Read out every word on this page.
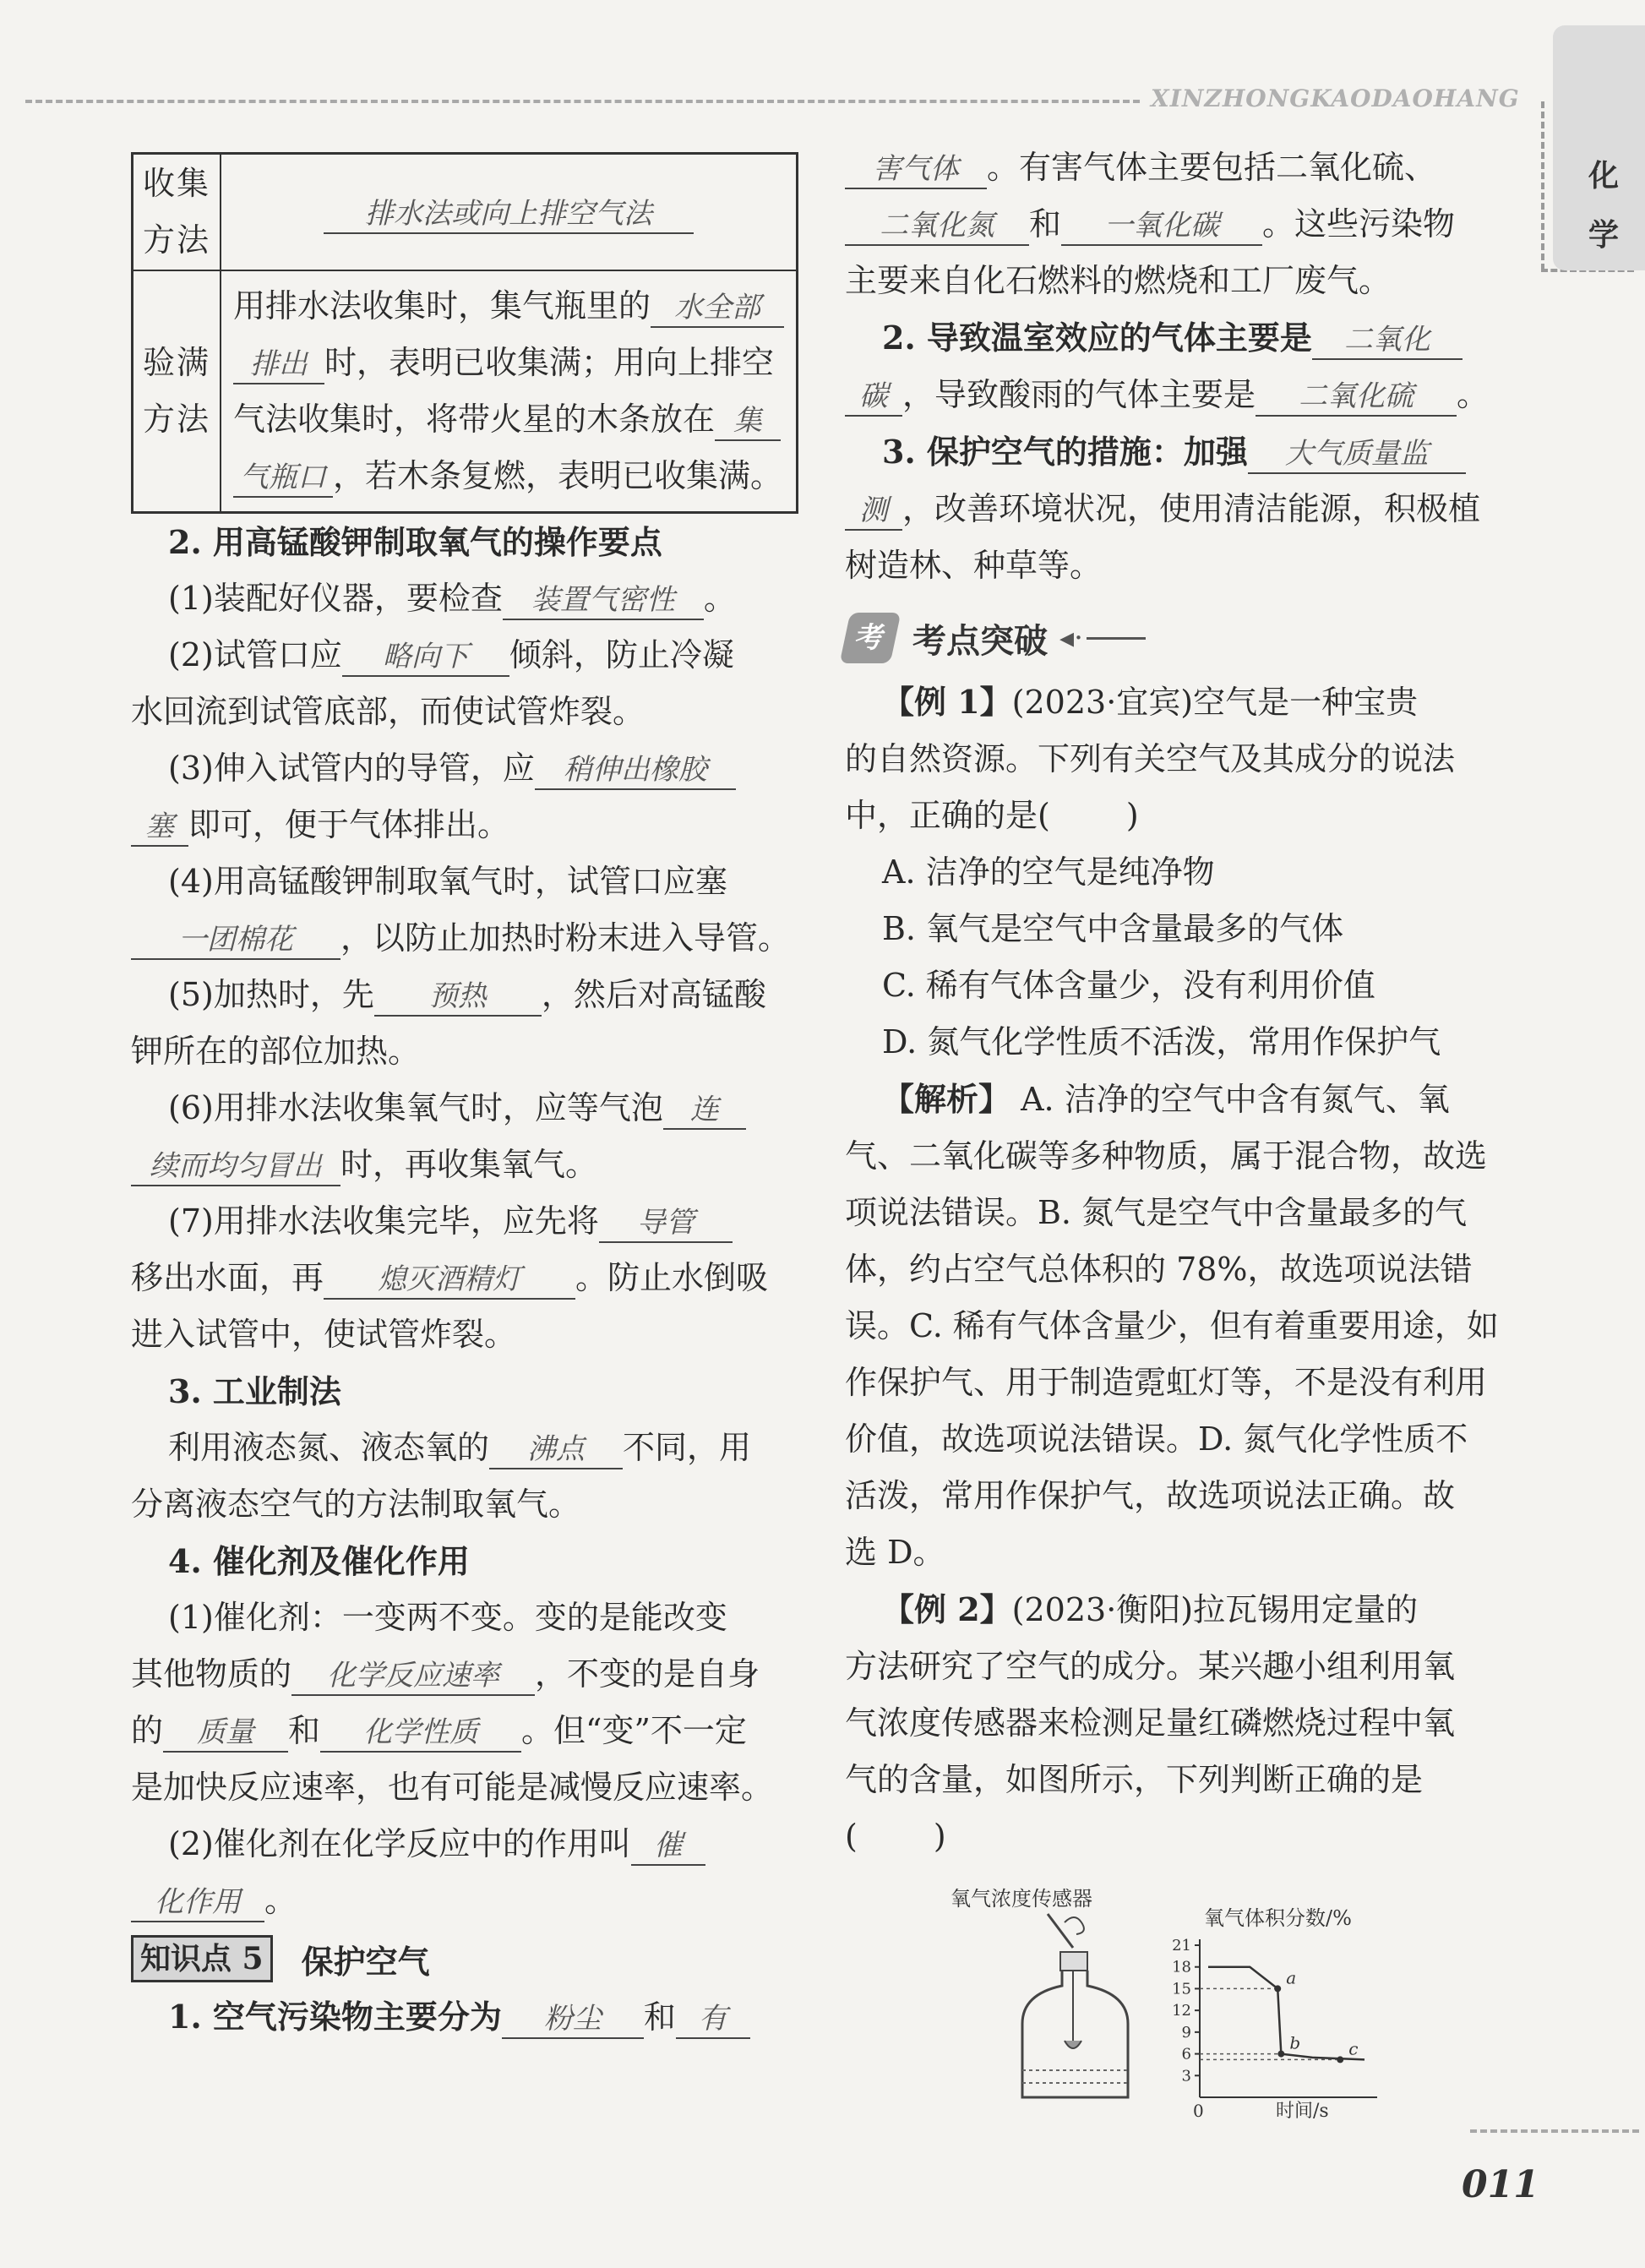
XINZHONGKAODAOHANG
化
学
收集方法	排水法或向上排空气法
验满方法	用排水法收集时，集气瓶里的 水全部
排出 时，表明已收集满；用向上排空
气法收集时，将带火星的木条放在 集
气瓶口 ，若木条复燃，表明已收集满。
2. 用高锰酸钾制取氧气的操作要点
(1)装配好仪器，要检查 装置气密性 。
(2)试管口应 略向下 倾斜，防止冷凝
水回流到试管底部，而使试管炸裂。
(3)伸入试管内的导管，应 稍伸出橡胶
塞 即可，便于气体排出。
(4)用高锰酸钾制取氧气时，试管口应塞
一团棉花 ，以防止加热时粉末进入导管。
(5)加热时，先 预热 ，然后对高锰酸
钾所在的部位加热。
(6)用排水法收集氧气时，应等气泡 连
续而均匀冒出 时，再收集氧气。
(7)用排水法收集完毕，应先将 导管
移出水面，再 熄灭酒精灯 。防止水倒吸
进入试管中，使试管炸裂。
3. 工业制法
利用液态氮、液态氧的 沸点 不同，用
分离液态空气的方法制取氧气。
4. 催化剂及催化作用
(1)催化剂：一变两不变。变的是能改变
其他物质的 化学反应速率 ，不变的是自身
的 质量 和 化学性质 。但“变”不一定
是加快反应速率，也有可能是减慢反应速率。
(2)催化剂在化学反应中的作用叫 催
化作用 。
知识点 5 保护空气
1. 空气污染物主要分为 粉尘 和 有
害气体 。有害气体主要包括二氧化硫、
二氧化氮 和 一氧化碳 。这些污染物
主要来自化石燃料的燃烧和工厂废气。
2. 导致温室效应的气体主要是 二氧化
碳 ，导致酸雨的气体主要是 二氧化硫 。
3. 保护空气的措施：加强 大气质量监
测 ，改善环境状况，使用清洁能源，积极植
树造林、种草等。
考 考点突破 ◂·
【例 1】(2023·宜宾)空气是一种宝贵
的自然资源。下列有关空气及其成分的说法
中，正确的是( )
A. 洁净的空气是纯净物
B. 氧气是空气中含量最多的气体
C. 稀有气体含量少，没有利用价值
D. 氮气化学性质不活泼，常用作保护气
【解析】 A. 洁净的空气中含有氮气、氧
气、二氧化碳等多种物质，属于混合物，故选
项说法错误。B. 氮气是空气中含量最多的气
体，约占空气总体积的 78%，故选项说法错
误。C. 稀有气体含量少，但有着重要用途，如
作保护气、用于制造霓虹灯等，不是没有利用
价值，故选项说法错误。D. 氮气化学性质不
活泼，常用作保护气，故选项说法正确。故
选 D。
【例 2】(2023·衡阳)拉瓦锡用定量的
方法研究了空气的成分。某兴趣小组利用氧
气浓度传感器来检测足量红磷燃烧过程中氧
气的含量，如图所示，下列判断正确的是
( )
氧气浓度传感器
氧气体积分数/%
0	时间/s
3
6
9
12
15
18
21
a
b	c
011
